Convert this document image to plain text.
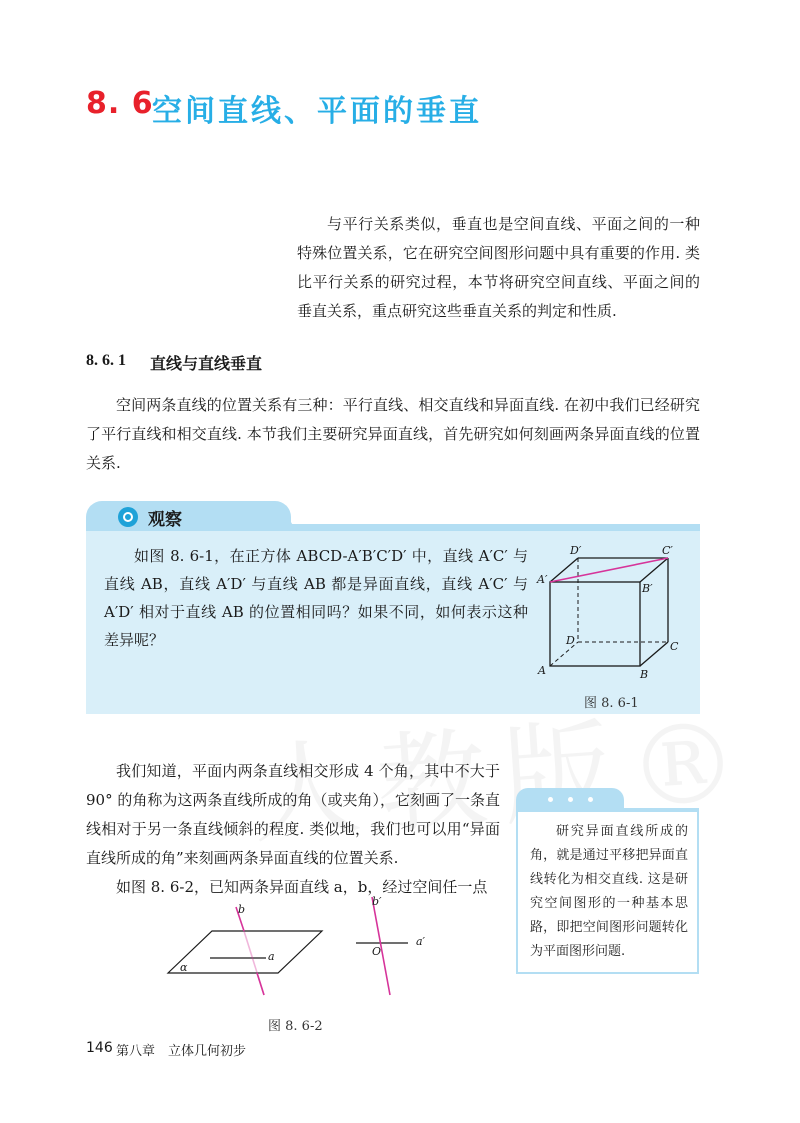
8. 6
空间直线、平面的垂直
与平行关系类似，垂直也是空间直线、平面之间的一种特殊位置关系，它在研究空间图形问题中具有重要的作用. 类比平行关系的研究过程，本节将研究空间直线、平面之间的垂直关系，重点研究这些垂直关系的判定和性质.
8. 6. 1 直线与直线垂直
空间两条直线的位置关系有三种：平行直线、相交直线和异面直线. 在初中我们已经研究了平行直线和相交直线. 本节我们主要研究异面直线，首先研究如何刻画两条异面直线的位置关系.
观察
如图 8. 6-1，在正方体 ABCD-A′B′C′D′ 中，直线 A′C′ 与直线 AB，直线 A′D′ 与直线 AB 都是异面直线，直线 A′C′ 与 A′D′ 相对于直线 AB 的位置相同吗？如果不同，如何表示这种差异呢？
A	B
C
D
A′
B′
C′
D′
图 8. 6-1
我们知道，平面内两条直线相交形成 4 个角，其中不大于 90° 的角称为这两条直线所成的角（或夹角），它刻画了一条直线相对于另一条直线倾斜的程度. 类似地，我们也可以用“异面直线所成的角”来刻画两条异面直线的位置关系.
如图 8. 6-2，已知两条异面直线 a，b，经过空间任一点
研究异面直线所成的角，就是通过平移把异面直线转化为相交直线. 这是研究空间图形的一种基本思路，即把空间图形问题转化为平面图形问题.
b
a
α
b′
a′
O
图 8. 6-2
146 第八章　立体几何初步
